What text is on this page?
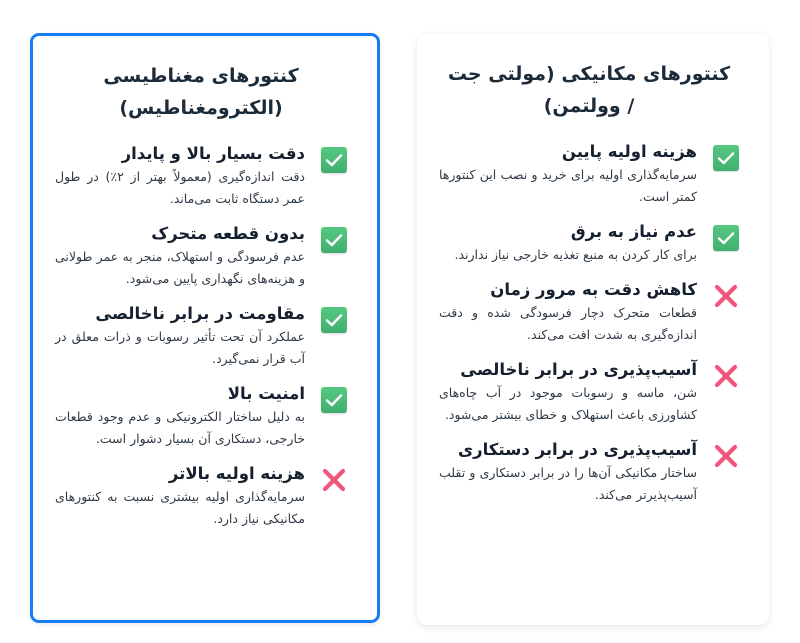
کنتورهای مکانیکی (مولتی جت / وولتمن)
هزینه اولیه پایین
سرمایه‌گذاری اولیه برای خرید و نصب این کنتورها کمتر است.
عدم نیاز به برق
برای کار کردن به منبع تغذیه خارجی نیاز ندارند.
کاهش دقت به مرور زمان
قطعات متحرک دچار فرسودگی شده و دقت اندازه‌گیری به شدت افت می‌کند.
آسیب‌پذیری در برابر ناخالصی
شن، ماسه و رسوبات موجود در آب چاه‌های کشاورزی باعث استهلاک و خطای بیشتر می‌شود.
آسیب‌پذیری در برابر دستکاری
ساختار مکانیکی آن‌ها را در برابر دستکاری و تقلب آسیب‌پذیرتر می‌کند.
کنتورهای مغناطیسی (الکترومغناطیس)
دقت بسیار بالا و پایدار
دقت اندازه‌گیری (معمولاً بهتر از ۲٪) در طول عمر دستگاه ثابت می‌ماند.
بدون قطعه متحرک
عدم فرسودگی و استهلاک، منجر به عمر طولانی و هزینه‌های نگهداری پایین می‌شود.
مقاومت در برابر ناخالصی
عملکرد آن تحت تأثیر رسوبات و ذرات معلق در آب قرار نمی‌گیرد.
امنیت بالا
به دلیل ساختار الکترونیکی و عدم وجود قطعات خارجی، دستکاری آن بسیار دشوار است.
هزینه اولیه بالاتر
سرمایه‌گذاری اولیه بیشتری نسبت به کنتورهای مکانیکی نیاز دارد.
